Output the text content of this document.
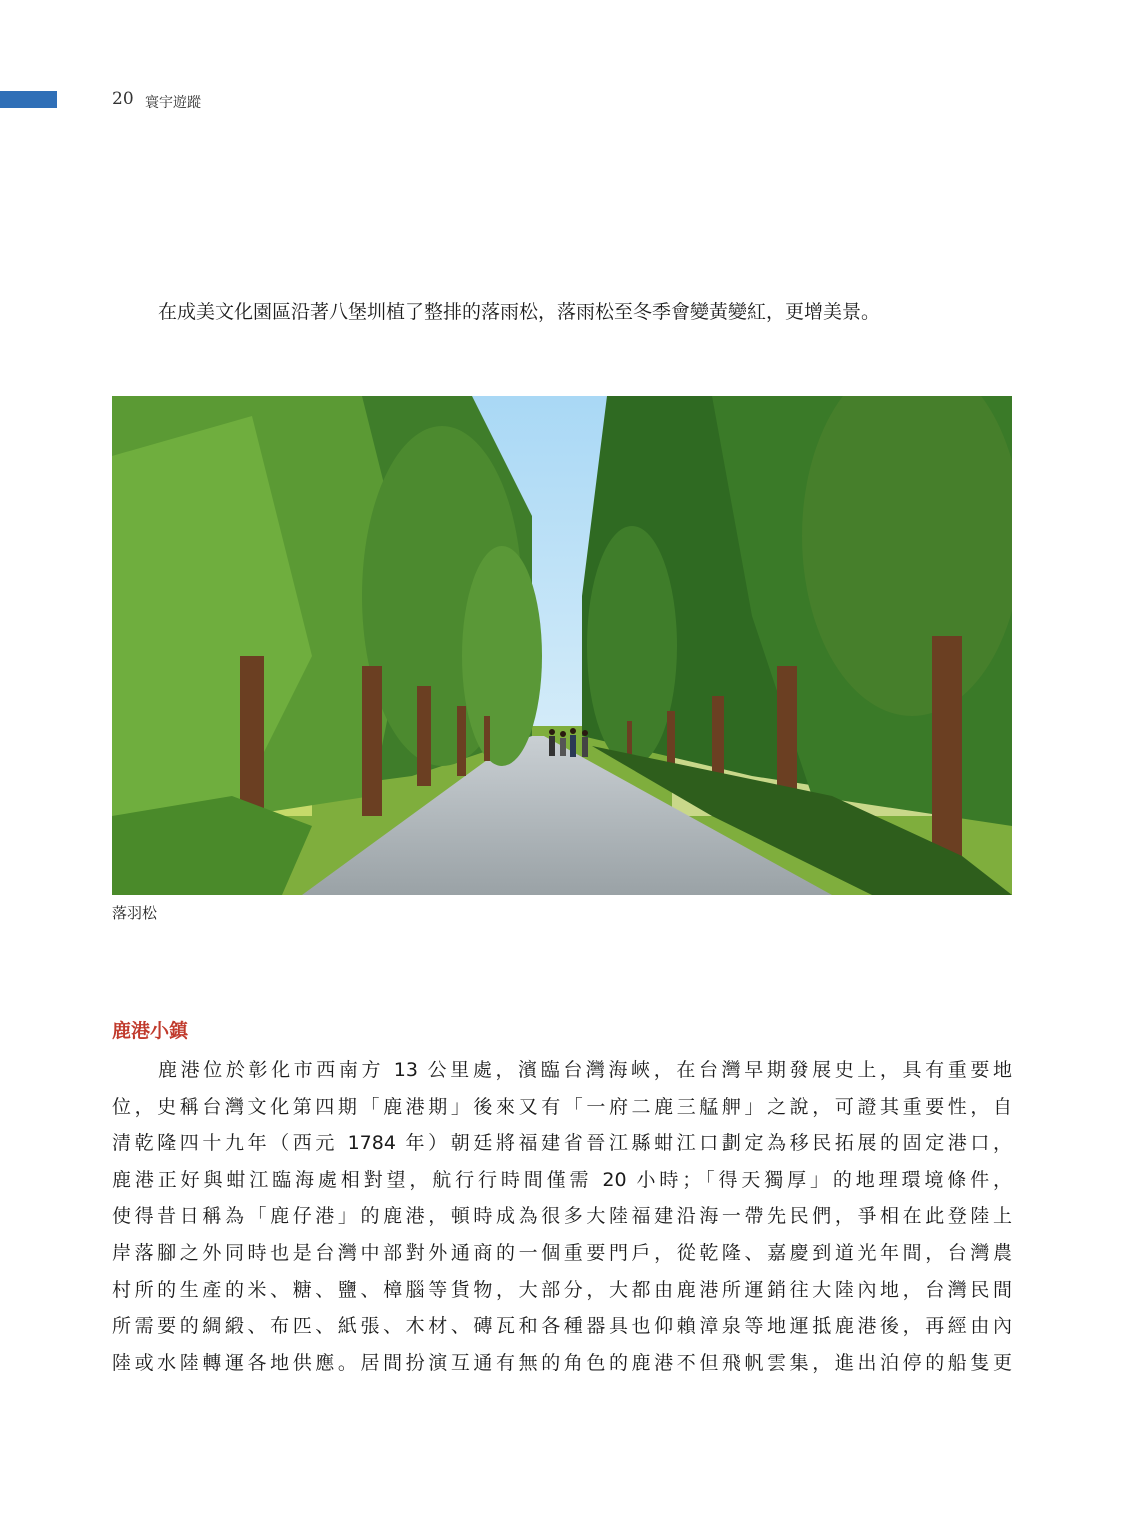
20 寰宇遊蹤

在成美文化園區沿著八堡圳植了整排的落雨松，落雨松至冬季會變黃變紅，更增美景。

落羽松
鹿港小鎮
鹿港位於彰化市西南方 13 公里處，濱臨台灣海峽，在台灣早期發展史上，具有重要地
位，史稱台灣文化第四期「鹿港期」後來又有「一府二鹿三艋舺」之說，可證其重要性，自
清乾隆四十九年（西元 1784 年）朝廷將福建省晉江縣蚶江口劃定為移民拓展的固定港口，
鹿港正好與蚶江臨海處相對望，航行行時間僅需 20 小時；「得天獨厚」的地理環境條件，
使得昔日稱為「鹿仔港」的鹿港，頓時成為很多大陸福建沿海一帶先民們，爭相在此登陸上
岸落腳之外同時也是台灣中部對外通商的一個重要門戶，從乾隆、嘉慶到道光年間，台灣農
村所的生產的米、糖、鹽、樟腦等貨物，大部分，大都由鹿港所運銷往大陸內地，台灣民間
所需要的綢緞、布匹、紙張、木材、磚瓦和各種器具也仰賴漳泉等地運抵鹿港後，再經由內
陸或水陸轉運各地供應。居間扮演互通有無的角色的鹿港不但飛帆雲集，進出泊停的船隻更
